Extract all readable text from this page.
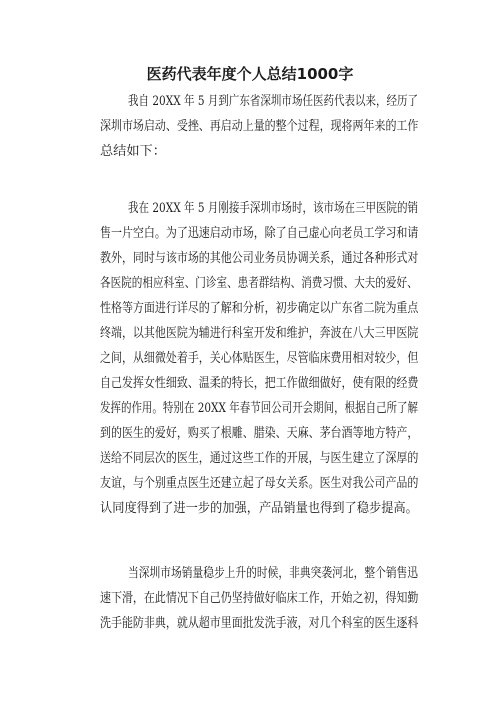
医药代表年度个人总结1000字
我自 20XX 年 5 月到广东省深圳市场任医药代表以来，经历了
深圳市场启动、受挫、再启动上量的整个过程，现将两年来的工作
总结如下：
我在 20XX 年 5 月刚接手深圳市场时，该市场在三甲医院的销
售一片空白。为了迅速启动市场，除了自己虚心向老员工学习和请
教外，同时与该市场的其他公司业务员协调关系，通过各种形式对
各医院的相应科室、门诊室、患者群结构、消费习惯、大夫的爱好、
性格等方面进行详尽的了解和分析，初步确定以广东省二院为重点
终端，以其他医院为辅进行科室开发和维护，奔波在八大三甲医院
之间，从细微处着手，关心体贴医生，尽管临床费用相对较少，但
自己发挥女性细致、温柔的特长，把工作做细做好，使有限的经费
发挥的作用。特别在 20XX 年春节回公司开会期间，根据自己所了解
到的医生的爱好，购买了根雕、腊染、天麻、茅台酒等地方特产，
送给不同层次的医生，通过这些工作的开展，与医生建立了深厚的
友谊，与个别重点医生还建立起了母女关系。医生对我公司产品的
认同度得到了进一步的加强，产品销量也得到了稳步提高。
当深圳市场销量稳步上升的时候，非典突袭河北，整个销售迅
速下滑，在此情况下自己仍坚持做好临床工作，开始之初，得知勤
洗手能防非典，就从超市里面批发洗手液，对几个科室的医生逐科
